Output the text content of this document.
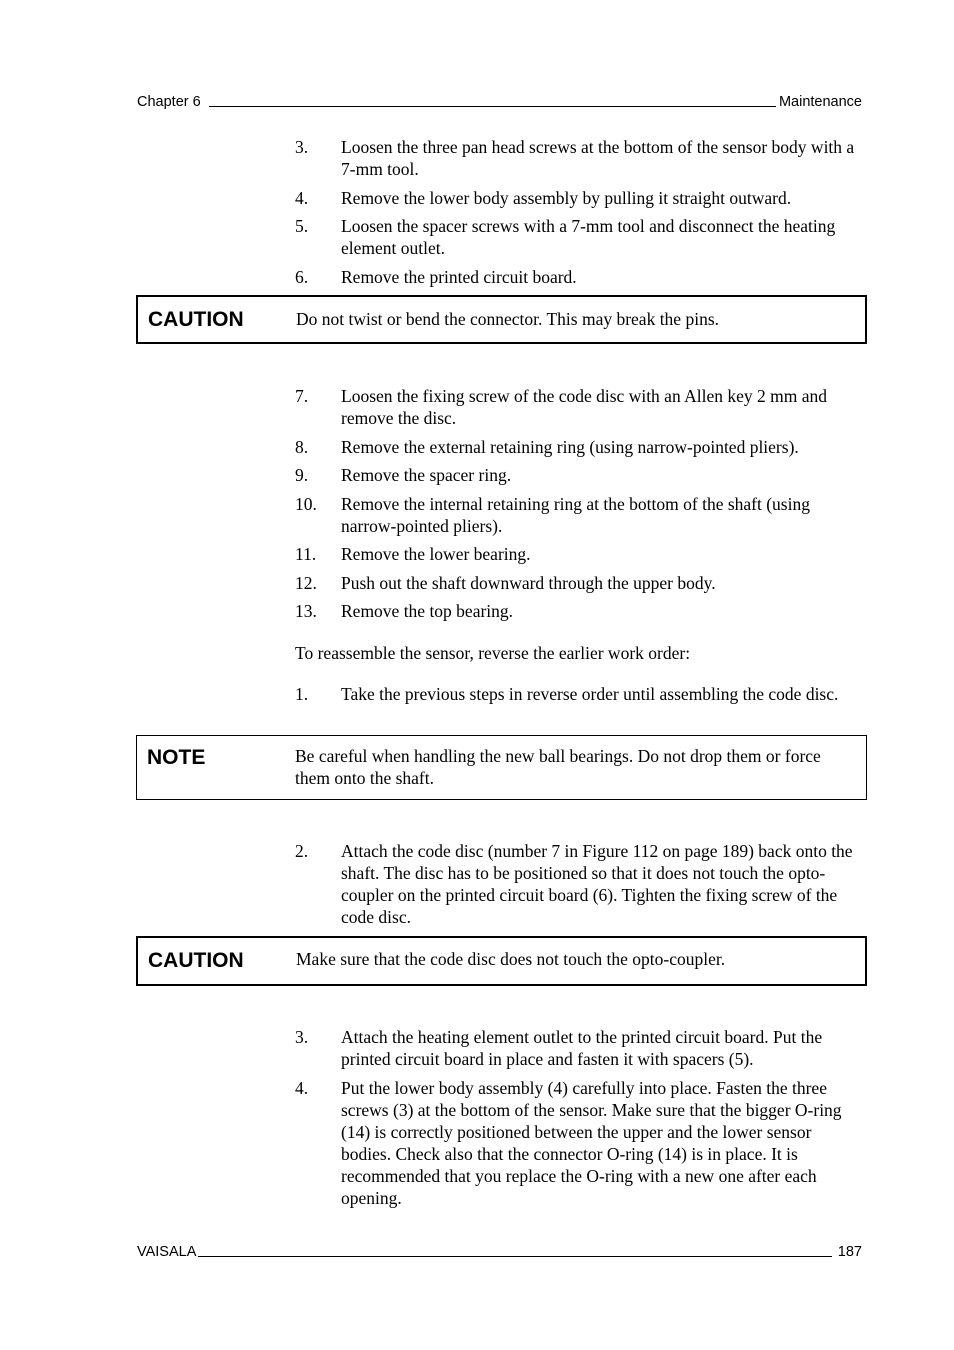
Chapter 6	Maintenance
3.	Loosen the three pan head screws at the bottom of the sensor body with a 7-mm tool.
4.	Remove the lower body assembly by pulling it straight outward.
5.	Loosen the spacer screws with a 7-mm tool and disconnect the heating element outlet.
6.	Remove the printed circuit board.
CAUTION	Do not twist or bend the connector. This may break the pins.
7.	Loosen the fixing screw of the code disc with an Allen key 2 mm and remove the disc.
8.	Remove the external retaining ring (using narrow-pointed pliers).
9.	Remove the spacer ring.
10.	Remove the internal retaining ring at the bottom of the shaft (using narrow-pointed pliers).
11.	Remove the lower bearing.
12.	Push out the shaft downward through the upper body.
13.	Remove the top bearing.
To reassemble the sensor, reverse the earlier work order:
1.	Take the previous steps in reverse order until assembling the code disc.
NOTE	Be careful when handling the new ball bearings. Do not drop them or force them onto the shaft.
2.	Attach the code disc (number 7 in Figure 112 on page 189) back onto the shaft. The disc has to be positioned so that it does not touch the opto-coupler on the printed circuit board (6). Tighten the fixing screw of the code disc.
CAUTION	Make sure that the code disc does not touch the opto-coupler.
3.	Attach the heating element outlet to the printed circuit board. Put the printed circuit board in place and fasten it with spacers (5).
4.	Put the lower body assembly (4) carefully into place. Fasten the three screws (3) at the bottom of the sensor. Make sure that the bigger O-ring (14) is correctly positioned between the upper and the lower sensor bodies. Check also that the connector O-ring (14) is in place. It is recommended that you replace the O-ring with a new one after each opening.
VAISALA	187
